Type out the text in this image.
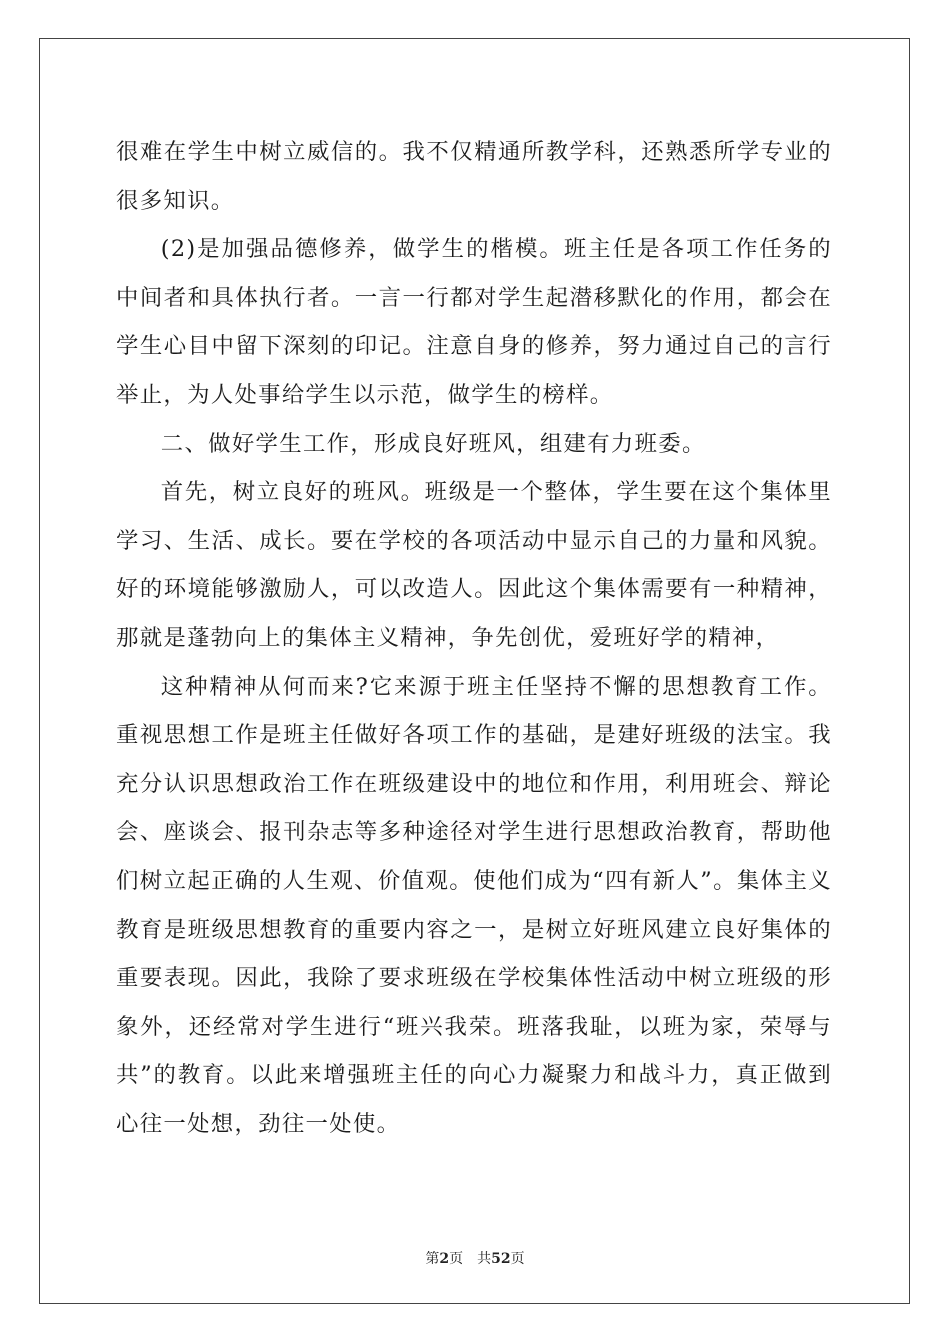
很难在学生中树立威信的。我不仅精通所教学科，还熟悉所学专业的很多知识。

(2)是加强品德修养，做学生的楷模。班主任是各项工作任务的中间者和具体执行者。一言一行都对学生起潜移默化的作用，都会在学生心目中留下深刻的印记。注意自身的修养，努力通过自己的言行举止，为人处事给学生以示范，做学生的榜样。

二、做好学生工作，形成良好班风，组建有力班委。

首先，树立良好的班风。班级是一个整体，学生要在这个集体里学习、生活、成长。要在学校的各项活动中显示自己的力量和风貌。好的环境能够激励人，可以改造人。因此这个集体需要有一种精神，那就是蓬勃向上的集体主义精神，争先创优，爱班好学的精神，

这种精神从何而来?它来源于班主任坚持不懈的思想教育工作。重视思想工作是班主任做好各项工作的基础，是建好班级的法宝。我充分认识思想政治工作在班级建设中的地位和作用，利用班会、辩论会、座谈会、报刊杂志等多种途径对学生进行思想政治教育，帮助他们树立起正确的人生观、价值观。使他们成为“四有新人”。集体主义教育是班级思想教育的重要内容之一，是树立好班风建立良好集体的重要表现。因此，我除了要求班级在学校集体性活动中树立班级的形象外，还经常对学生进行“班兴我荣。班落我耻，以班为家，荣辱与共”的教育。以此来增强班主任的向心力凝聚力和战斗力，真正做到心往一处想，劲往一处使。

第2页 共52页
